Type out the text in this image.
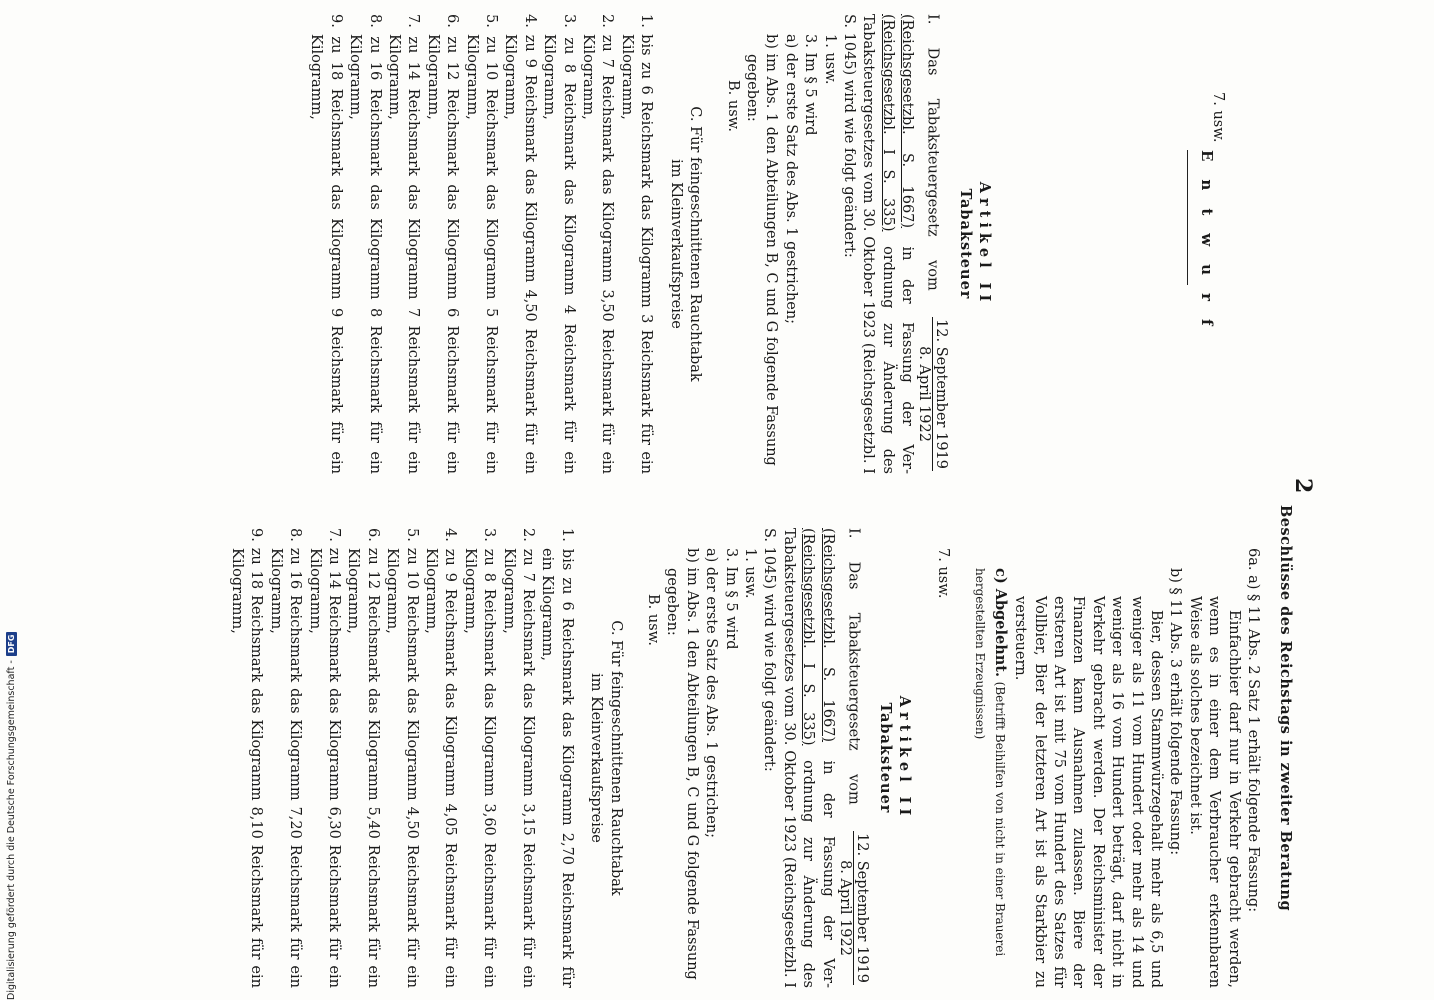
2
7. usw.
Entwurf
Beschlüsse des Reichstags in zweiter Beratung
Artikel II
Tabaksteuer

I. Das Tabaksteuergesetz vom
12. September 1919
8. April 1922
(Reichsgesetzbl. S. 1667) in der Fassung der Ver- (Reichsgesetzbl. I S. 335) ordnung zur Änderung des Tabaksteuergesetzes vom 30. Oktober 1923 (Reichsgesetzbl. I S. 1045) wird wie folgt geändert:

1. usw.

3. Im § 5 wird

a) der erste Satz des Abs. 1 gestrichen;

b) im Abs. 1 den Abteilungen B, C und G folgende Fassung gegeben:

B. usw.

C. Für feingeschnittenen Rauchtabak
im Kleinverkaufspreise

1. bis zu 6 Reichsmark das Kilogramm 3 Reichsmark für ein Kilogramm,

2. zu 7 Reichsmark das Kilogramm 3,50 Reichsmark für ein Kilogramm,

3. zu 8 Reichsmark das Kilogramm 4 Reichsmark für ein Kilogramm,

4. zu 9 Reichsmark das Kilogramm 4,50 Reichsmark für ein Kilogramm,

5. zu 10 Reichsmark das Kilogramm 5 Reichsmark für ein Kilogramm,

6. zu 12 Reichsmark das Kilogramm 6 Reichsmark für ein Kilogramm,

7. zu 14 Reichsmark das Kilogramm 7 Reichsmark für ein Kilogramm,

8. zu 16 Reichsmark das Kilogramm 8 Reichsmark für ein Kilogramm,

9. zu 18 Reichsmark das Kilogramm 9 Reichsmark für ein Kilogramm,

6a. a) § 11 Abs. 2 Satz 1 erhält folgende Fassung:

Einfachbier darf nur in Verkehr gebracht werden, wenn es in einer dem Verbraucher erkennbaren Weise als solches bezeichnet ist.

b) § 11 Abs. 3 erhält folgende Fassung:

Bier, dessen Stammwürzegehalt mehr als 6,5 und weniger als 11 vom Hundert oder mehr als 14 und weniger als 16 vom Hundert beträgt, darf nicht in Verkehr gebracht werden. Der Reichsminister der Finanzen kann Ausnahmen zulassen. Biere der ersteren Art ist mit 75 vom Hundert des Satzes für Vollbier, Bier der letzteren Art ist als Starkbier zu versteuern.

c) Abgelehnt. (Betrifft Beihilfen von nicht in einer Brauerei hergestellten Erzeugnissen)

7. usw.

Artikel II
Tabaksteuer

I. Das Tabaksteuergesetz vom
12. September 1919
8. April 1922
(Reichsgesetzbl. S. 1667) in der Fassung der Ver- (Reichsgesetzbl. I S. 335) ordnung zur Änderung des Tabaksteuergesetzes vom 30. Oktober 1923 (Reichsgesetzbl. I S. 1045) wird wie folgt geändert:

1. usw.

3. Im § 5 wird

a) der erste Satz des Abs. 1 gestrichen;

b) im Abs. 1 den Abteilungen B, C und G folgende Fassung gegeben:

B. usw.

C. Für feingeschnittenen Rauchtabak
im Kleinverkaufspreise

1. bis zu 6 Reichsmark das Kilogramm 2,70 Reichsmark für ein Kilogramm,

2. zu 7 Reichsmark das Kilogramm 3,15 Reichsmark für ein Kilogramm,

3. zu 8 Reichsmark das Kilogramm 3,60 Reichsmark für ein Kilogramm,

4. zu 9 Reichsmark das Kilogramm 4,05 Reichsmark für ein Kilogramm,

5. zu 10 Reichsmark das Kilogramm 4,50 Reichsmark für ein Kilogramm,

6. zu 12 Reichsmark das Kilogramm 5,40 Reichsmark für ein Kilogramm,

7. zu 14 Reichsmark das Kilogramm 6,30 Reichsmark für ein Kilogramm,

8. zu 16 Reichsmark das Kilogramm 7,20 Reichsmark für ein Kilogramm,

9. zu 18 Reichsmark das Kilogramm 8,10 Reichsmark für ein Kilogramm,

Digitalisierung gefördert durch die Deutsche Forschungsgemeinschaft -
DFG
